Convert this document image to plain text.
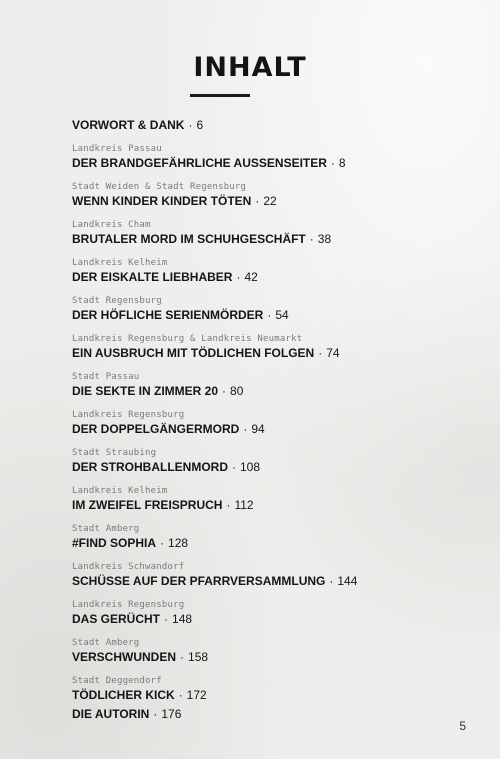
INHALT
VORWORT & DANK · 6
Landkreis Passau
DER BRANDGEFÄHRLICHE AUSSENSEITER · 8
Stadt Weiden & Stadt Regensburg
WENN KINDER KINDER TÖTEN · 22
Landkreis Cham
BRUTALER MORD IM SCHUHGESCHÄFT · 38
Landkreis Kelheim
DER EISKALTE LIEBHABER · 42
Stadt Regensburg
DER HÖFLICHE SERIENMÖRDER · 54
Landkreis Regensburg & Landkreis Neumarkt
EIN AUSBRUCH MIT TÖDLICHEN FOLGEN · 74
Stadt Passau
DIE SEKTE IN ZIMMER 20 · 80
Landkreis Regensburg
DER DOPPELGÄNGERMORD · 94
Stadt Straubing
DER STROHBALLENMORD · 108
Landkreis Kelheim
IM ZWEIFEL FREISPRUCH · 112
Stadt Amberg
#FIND SOPHIA · 128
Landkreis Schwandorf
SCHÜSSE AUF DER PFARRVERSAMMLUNG · 144
Landkreis Regensburg
DAS GERÜCHT · 148
Stadt Amberg
VERSCHWUNDEN · 158
Stadt Deggendorf
TÖDLICHER KICK · 172
DIE AUTORIN · 176
5
